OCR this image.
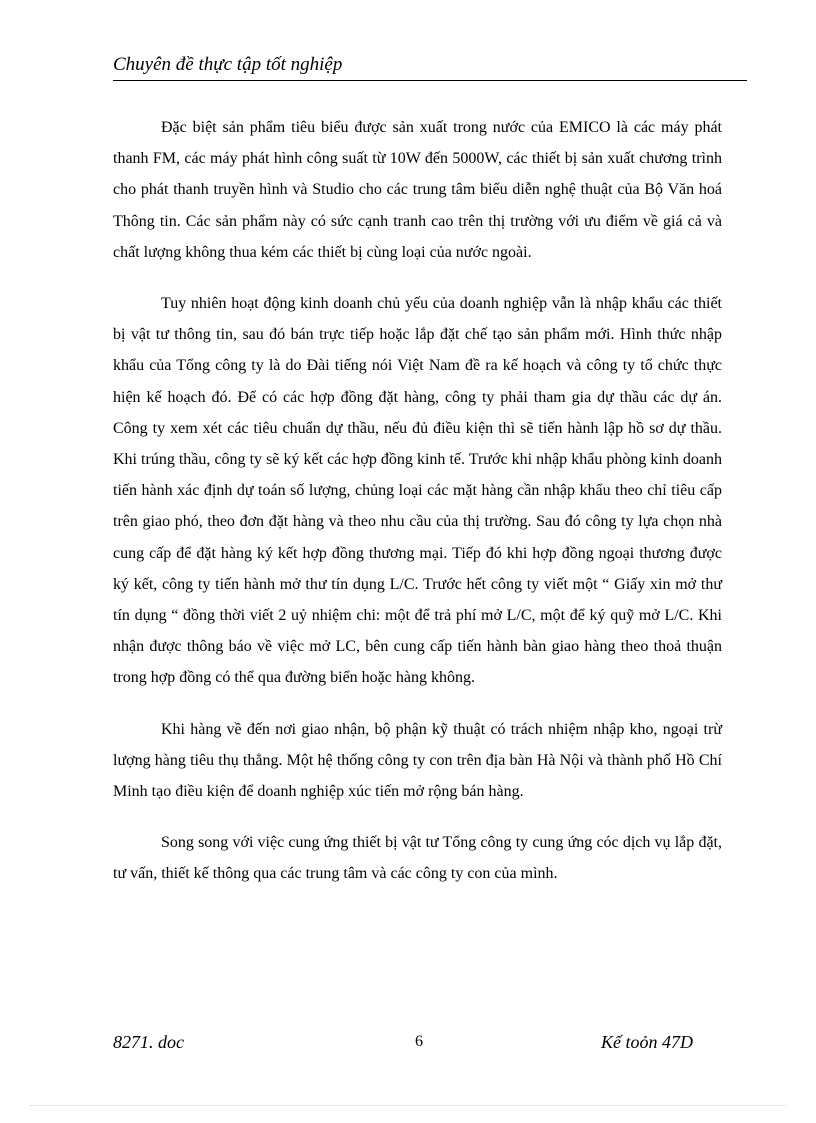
Chuyên đề thực tập tốt nghiệp

Đặc biệt sản phẩm tiêu biểu được sản xuất trong nước của EMICO là các máy phát thanh FM, các máy phát hình công suất từ 10W đến 5000W, các thiết bị sản xuất chương trình cho phát thanh truyền hình và Studio cho các trung tâm biểu diễn nghệ thuật của Bộ Văn hoá Thông tin. Các sản phẩm này có sức cạnh tranh cao trên thị trường với ưu điểm về giá cả và chất lượng không thua kém các thiết bị cùng loại của nước ngoài.

Tuy nhiên hoạt động kinh doanh chủ yếu của doanh nghiệp vẫn là nhập khẩu các thiết bị vật tư thông tin, sau đó bán trực tiếp hoặc lắp đặt chế tạo sản phẩm mới. Hình thức nhập khẩu của Tổng công ty là do Đài tiếng nói Việt Nam đề ra kế hoạch và công ty tổ chức thực hiện kế hoạch đó. Để có các hợp đồng đặt hàng, công ty phải tham gia dự thầu các dự án. Công ty xem xét các tiêu chuẩn dự thầu, nếu đủ điều kiện thì sẽ tiến hành lập hồ sơ dự thầu. Khi trúng thầu, công ty sẽ ký kết các hợp đồng kinh tế. Trước khi nhập khẩu phòng kinh doanh tiến hành xác định dự toán số lượng, chủng loại các mặt hàng cần nhập khẩu theo chỉ tiêu cấp trên giao phó, theo đơn đặt hàng và theo nhu cầu của thị trường. Sau đó công ty lựa chọn nhà cung cấp để đặt hàng ký kết hợp đồng thương mại. Tiếp đó khi hợp đồng ngoại thương được ký kết, công ty tiến hành mở thư tín dụng L/C. Trước hết công ty viết một “ Giấy xin mở thư tín dụng “ đồng thời viết 2 uỷ nhiệm chi: một để trả phí mở L/C, một để ký quỹ mở L/C. Khi nhận được thông báo về việc mở LC, bên cung cấp tiến hành bàn giao hàng theo thoả thuận trong hợp đồng có thể qua đường biển hoặc hàng không.

Khi hàng về đến nơi giao nhận, bộ phận kỹ thuật có trách nhiệm nhập kho, ngoại trừ lượng hàng tiêu thụ thẳng. Một hệ thống công ty con trên địa bàn Hà Nội và thành phố Hồ Chí Minh tạo điều kiện để doanh nghiệp xúc tiến mở rộng bán hàng.

Song song với việc cung ứng thiết bị vật tư Tổng công ty cung ứng cóc dịch vụ lắp đặt, tư vấn, thiết kế thông qua các trung tâm và các công ty con của mình.

8271. doc	6	Kế toỏn 47D
